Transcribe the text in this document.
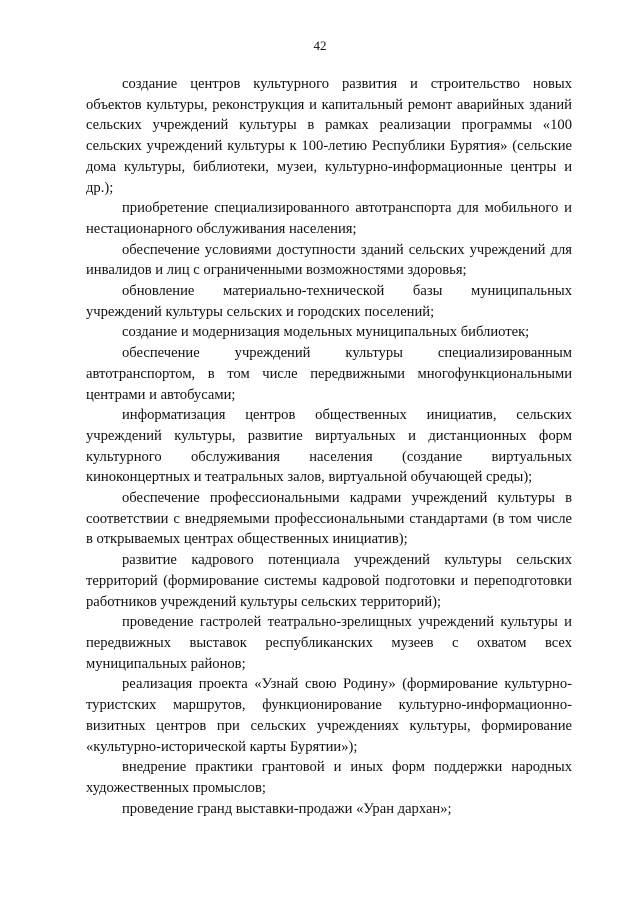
42

создание центров культурного развития и строительство новых объектов культуры, реконструкция и капитальный ремонт аварийных зданий сельских учреждений культуры в рамках реализации программы «100 сельских учреждений культуры к 100-летию Республики Бурятия» (сельские дома культуры, библиотеки, музеи, культурно-информационные центры и др.);

приобретение специализированного автотранспорта для мобильного и нестационарного обслуживания населения;

обеспечение условиями доступности зданий сельских учреждений для инвалидов и лиц с ограниченными возможностями здоровья;

обновление материально-технической базы муниципальных учреждений культуры сельских и городских поселений;

создание и модернизация модельных муниципальных библиотек;

обеспечение учреждений культуры специализированным автотранспортом, в том числе передвижными многофункциональными центрами и автобусами;

информатизация центров общественных инициатив, сельских учреждений культуры, развитие виртуальных и дистанционных форм культурного обслуживания населения (создание виртуальных киноконцертных и театральных залов, виртуальной обучающей среды);

обеспечение профессиональными кадрами учреждений культуры в соответствии с внедряемыми профессиональными стандартами (в том числе в открываемых центрах общественных инициатив);

развитие кадрового потенциала учреждений культуры сельских территорий (формирование системы кадровой подготовки и переподготовки работников учреждений культуры сельских территорий);

проведение гастролей театрально-зрелищных учреждений культуры и передвижных выставок республиканских музеев с охватом всех муниципальных районов;

реализация проекта «Узнай свою Родину» (формирование культурно-туристских маршрутов, функционирование культурно-информационно-визитных центров при сельских учреждениях культуры, формирование «культурно-исторической карты Бурятии»);

внедрение практики грантовой и иных форм поддержки народных художественных промыслов;

проведение гранд выставки-продажи «Уран дархан»;
